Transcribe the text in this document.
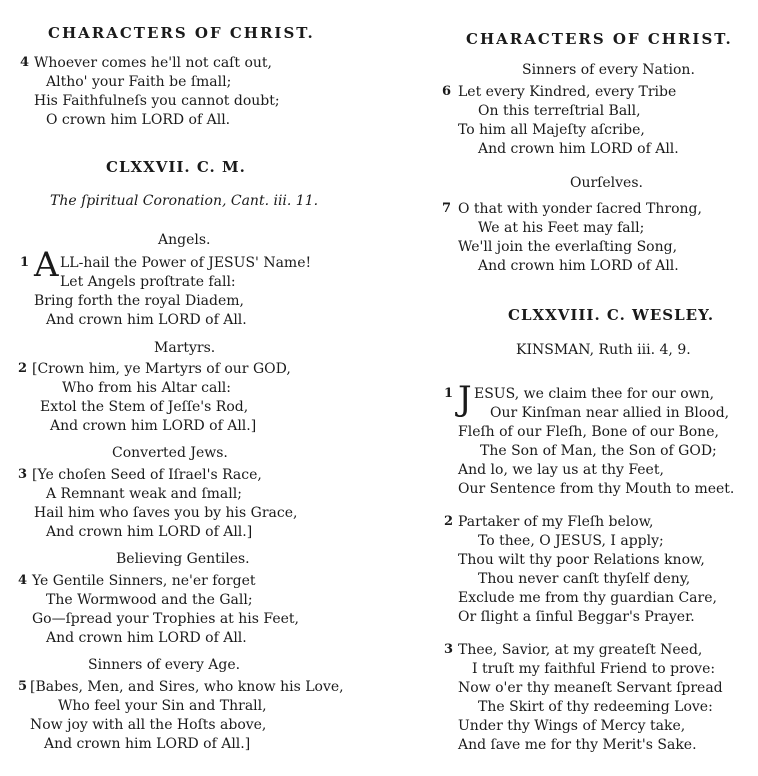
CHARACTERS OF CHRIST.
4 Whoever comes he'll not caſt out,
Altho' your Faith be ſmall;
His Faithfulneſs you cannot doubt;
O crown him LORD of All.
CLXXVII. C. M.
The ſpiritual Coronation, Cant. iii. 11.
Angels.
1 A LL-hail the Power of JESUS' Name!
Let Angels proſtrate fall:
Bring forth the royal Diadem,
And crown him LORD of All.
Martyrs.
2 [Crown him, ye Martyrs of our GOD,
Who from his Altar call:
Extol the Stem of Jeſſe's Rod,
And crown him LORD of All.]
Converted Jews.
3 [Ye choſen Seed of Iſrael's Race,
A Remnant weak and ſmall;
Hail him who ſaves you by his Grace,
And crown him LORD of All.]
Believing Gentiles.
4 Ye Gentile Sinners, ne'er forget
The Wormwood and the Gall;
Go—ſpread your Trophies at his Feet,
And crown him LORD of All.
Sinners of every Age.
5 [Babes, Men, and Sires, who know his Love,
Who feel your Sin and Thrall,
Now joy with all the Hoſts above,
And crown him LORD of All.]
CHARACTERS OF CHRIST.
Sinners of every Nation.
6 Let every Kindred, every Tribe
On this terreſtrial Ball,
To him all Majeſty aſcribe,
And crown him LORD of All.
Ourſelves.
7 O that with yonder ſacred Throng,
We at his Feet may fall;
We'll join the everlaſting Song,
And crown him LORD of All.
CLXXVIII. C. WESLEY.
KINSMAN, Ruth iii. 4, 9.
1 J ESUS, we claim thee for our own,
Our Kinſman near allied in Blood,
Fleſh of our Fleſh, Bone of our Bone,
The Son of Man, the Son of GOD;
And lo, we lay us at thy Feet,
Our Sentence from thy Mouth to meet.
2 Partaker of my Fleſh below,
To thee, O JESUS, I apply;
Thou wilt thy poor Relations know,
Thou never canſt thyſelf deny,
Exclude me from thy guardian Care,
Or ſlight a ſinful Beggar's Prayer.
3 Thee, Savior, at my greateſt Need,
I truſt my faithful Friend to prove:
Now o'er thy meaneſt Servant ſpread
The Skirt of thy redeeming Love:
Under thy Wings of Mercy take,
And ſave me for thy Merit's Sake.
